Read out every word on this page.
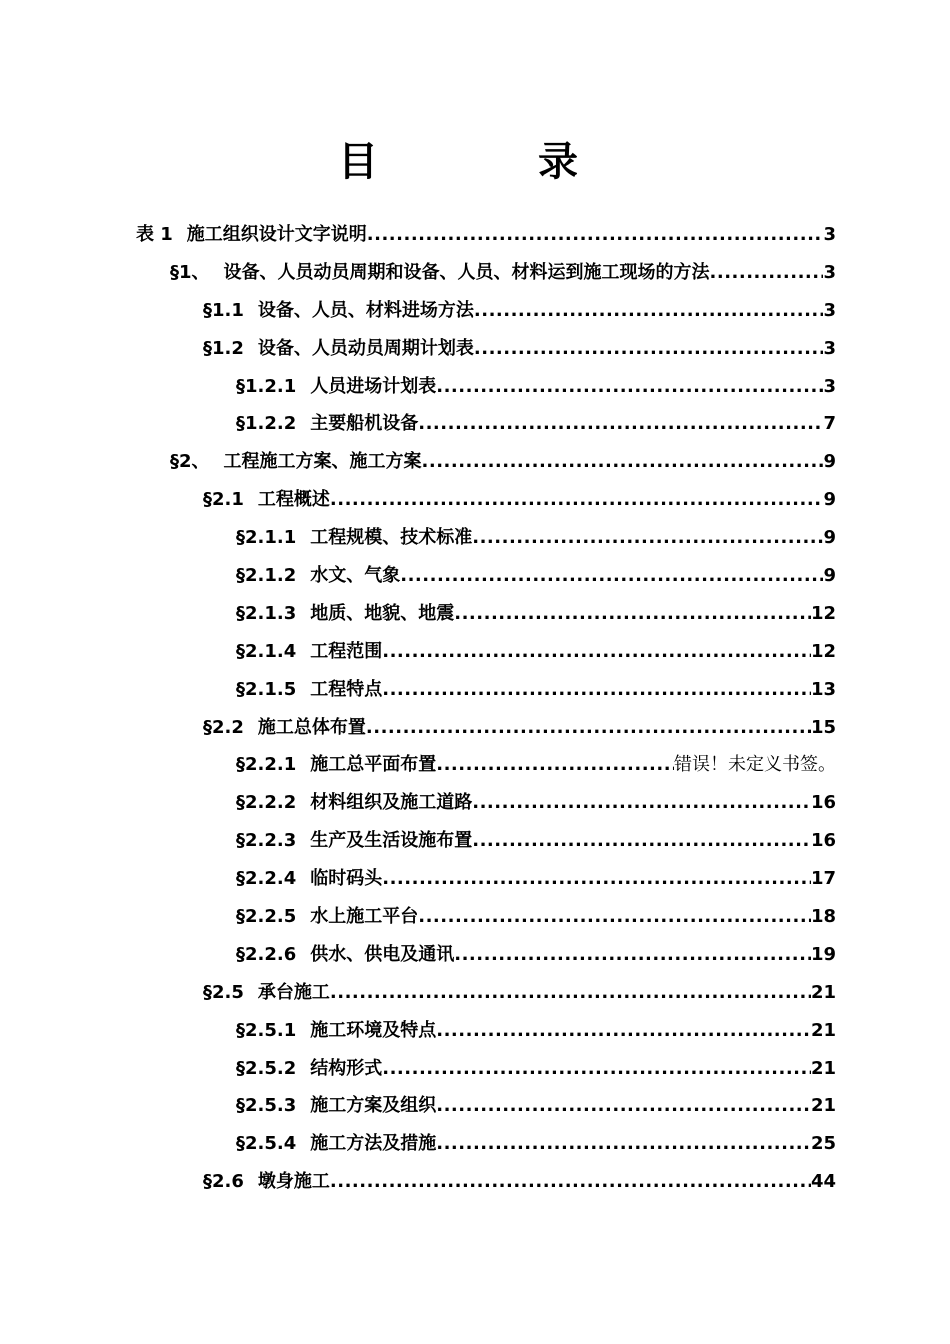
目　录
表 1 施工组织设计文字说明 .....	3
§1、 设备、人员动员周期和设备、人员、材料运到施工现场的方法 .....	3
§1.1 设备、人员、材料进场方法 .....	3
§1.2 设备、人员动员周期计划表 .....	3
§1.2.1 人员进场计划表 .....	3
§1.2.2 主要船机设备 .....	7
§2、 工程施工方案、施工方案 .....	9
§2.1 工程概述 .....	9
§2.1.1 工程规模、技术标准 .....	9
§2.1.2 水文、气象 .....	9
§2.1.3 地质、地貌、地震 .....	12
§2.1.4 工程范围 .....	12
§2.1.5 工程特点 .....	13
§2.2 施工总体布置 .....	15
§2.2.1 施工总平面布置 .....	错误！未定义书签。
§2.2.2 材料组织及施工道路 .....	16
§2.2.3 生产及生活设施布置 .....	16
§2.2.4 临时码头 .....	17
§2.2.5 水上施工平台 .....	18
§2.2.6 供水、供电及通讯 .....	19
§2.5 承台施工 .....	21
§2.5.1 施工环境及特点 .....	21
§2.5.2 结构形式 .....	21
§2.5.3 施工方案及组织 .....	21
§2.5.4 施工方法及措施 .....	25
§2.6 墩身施工 .....	44
